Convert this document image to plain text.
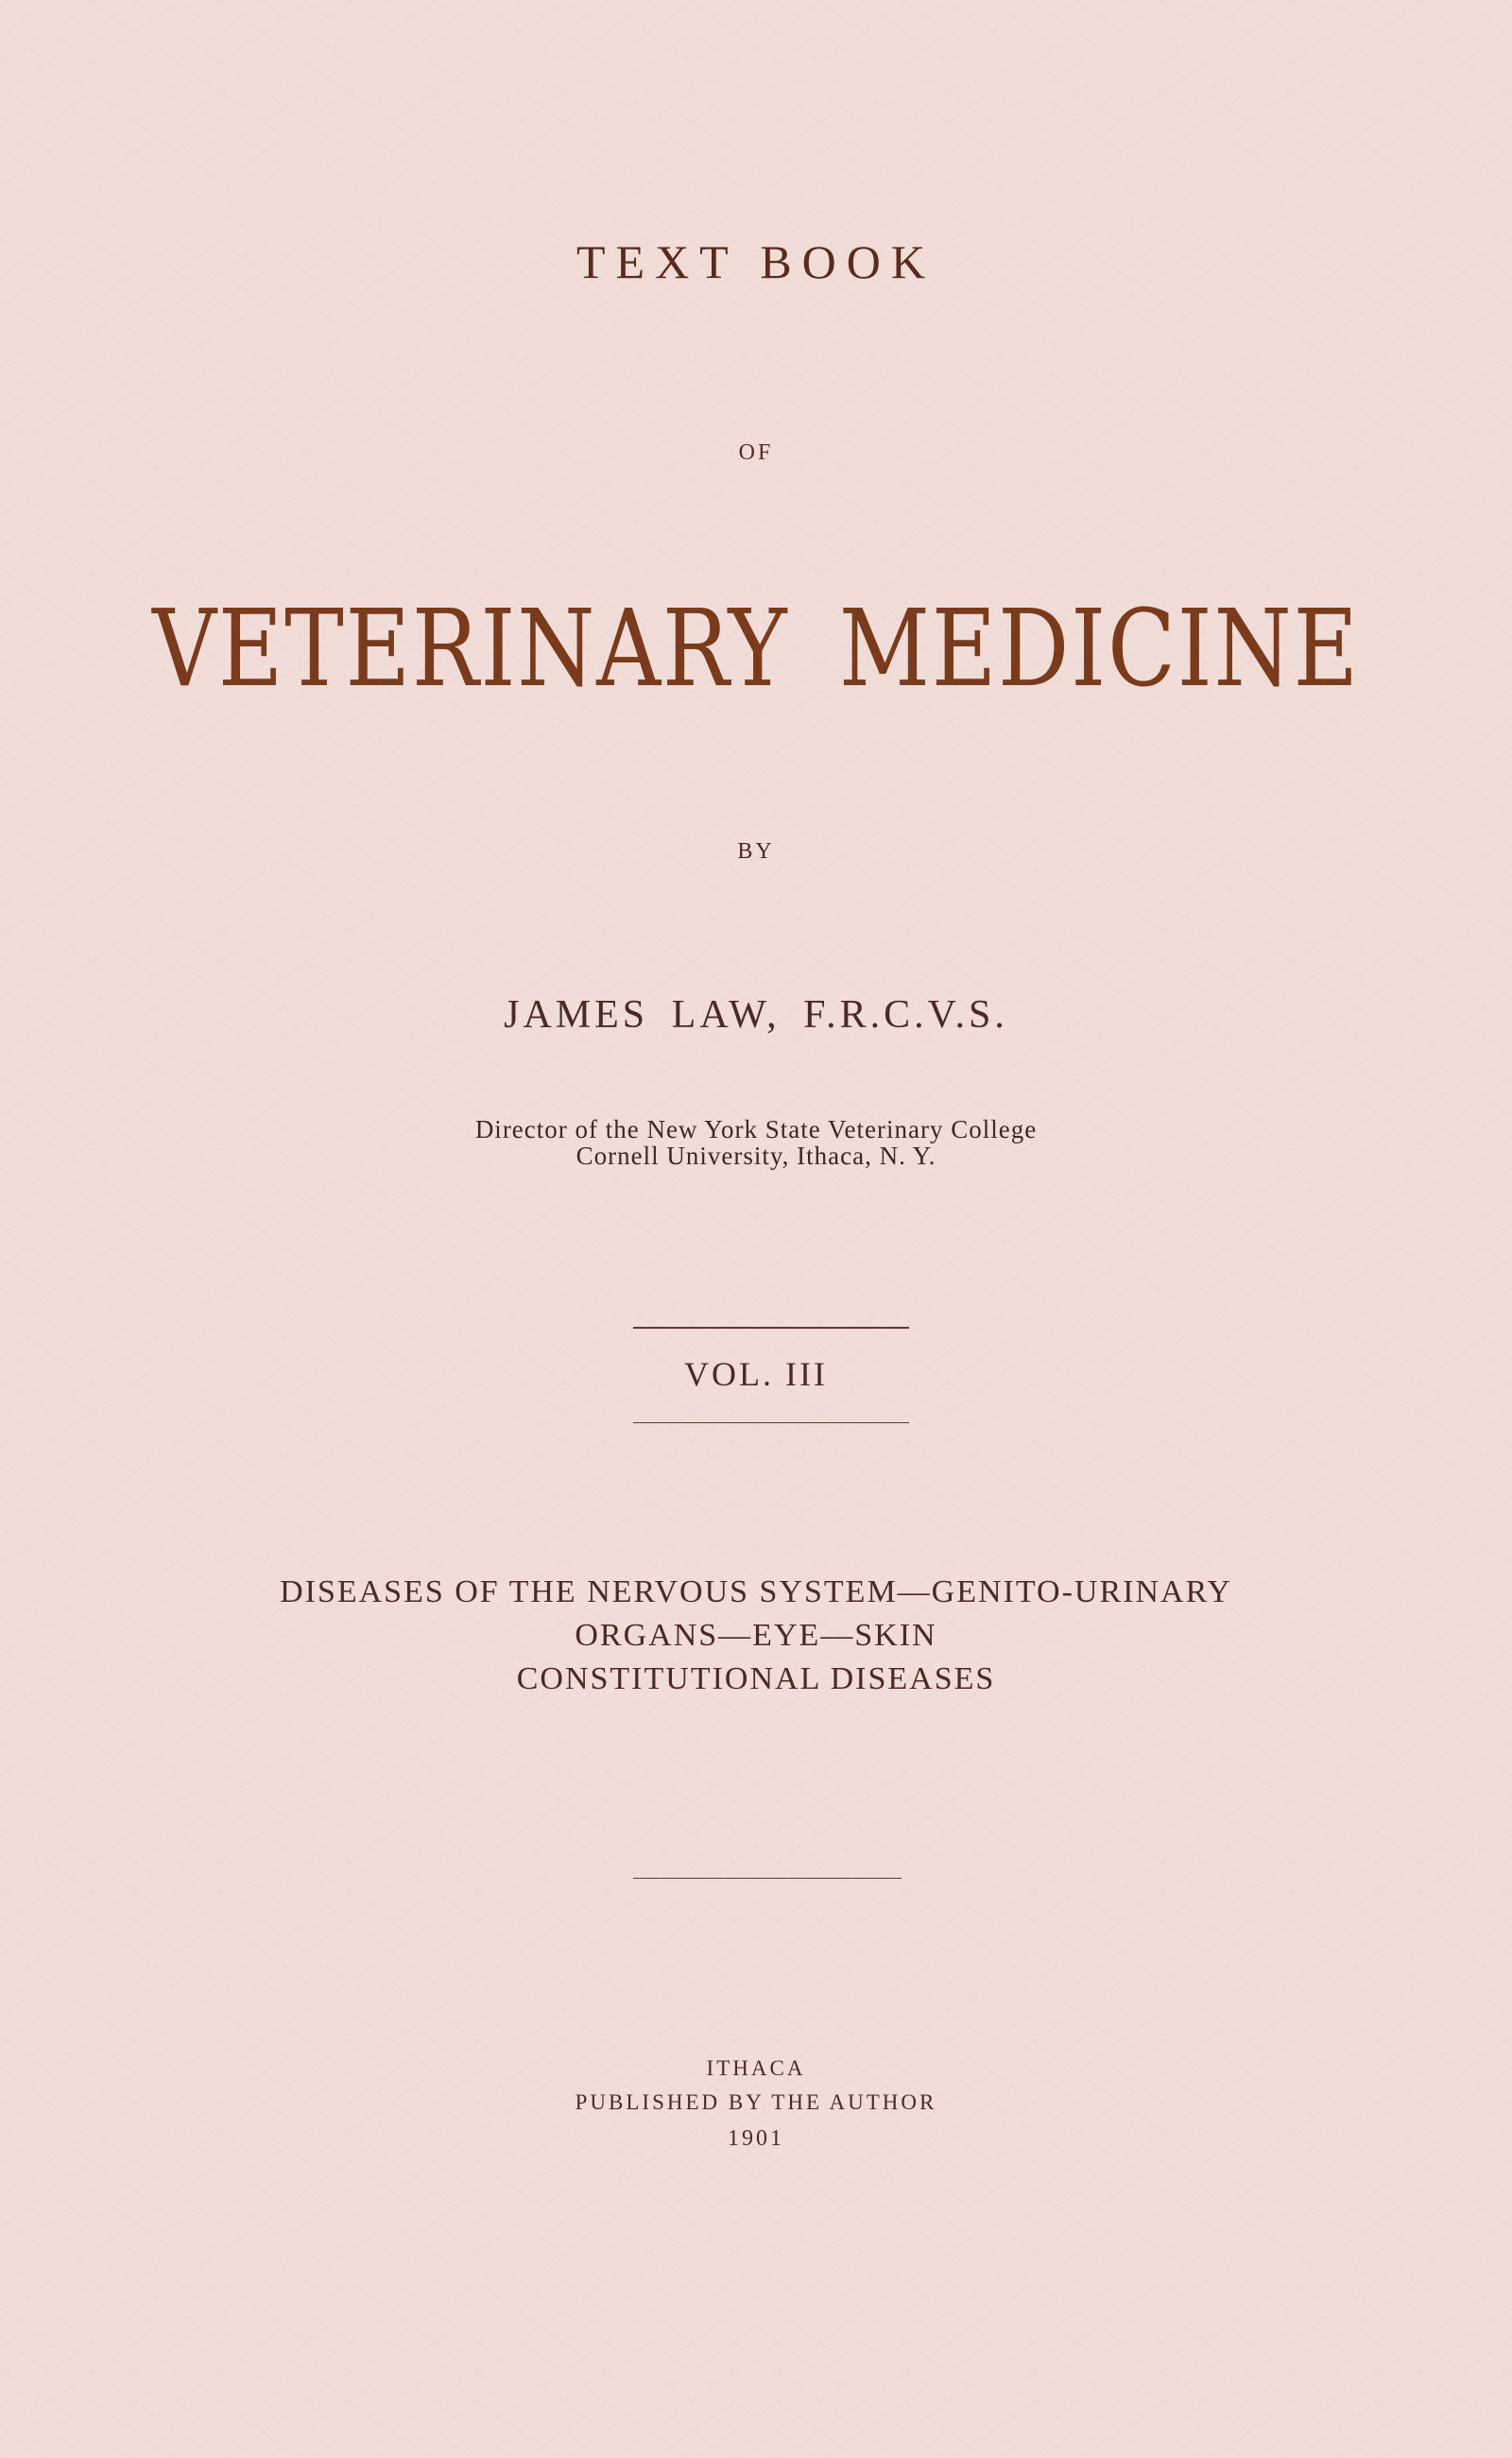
TEXT BOOK

OF

VETERINARY MEDICINE

BY

JAMES LAW, F.R.C.V.S.

Director of the New York State Veterinary College

Cornell University, Ithaca, N. Y.

VOL. III

DISEASES OF THE NERVOUS SYSTEM—GENITO-URINARY

ORGANS—EYE—SKIN

CONSTITUTIONAL DISEASES

ITHACA

PUBLISHED BY THE AUTHOR

1901
